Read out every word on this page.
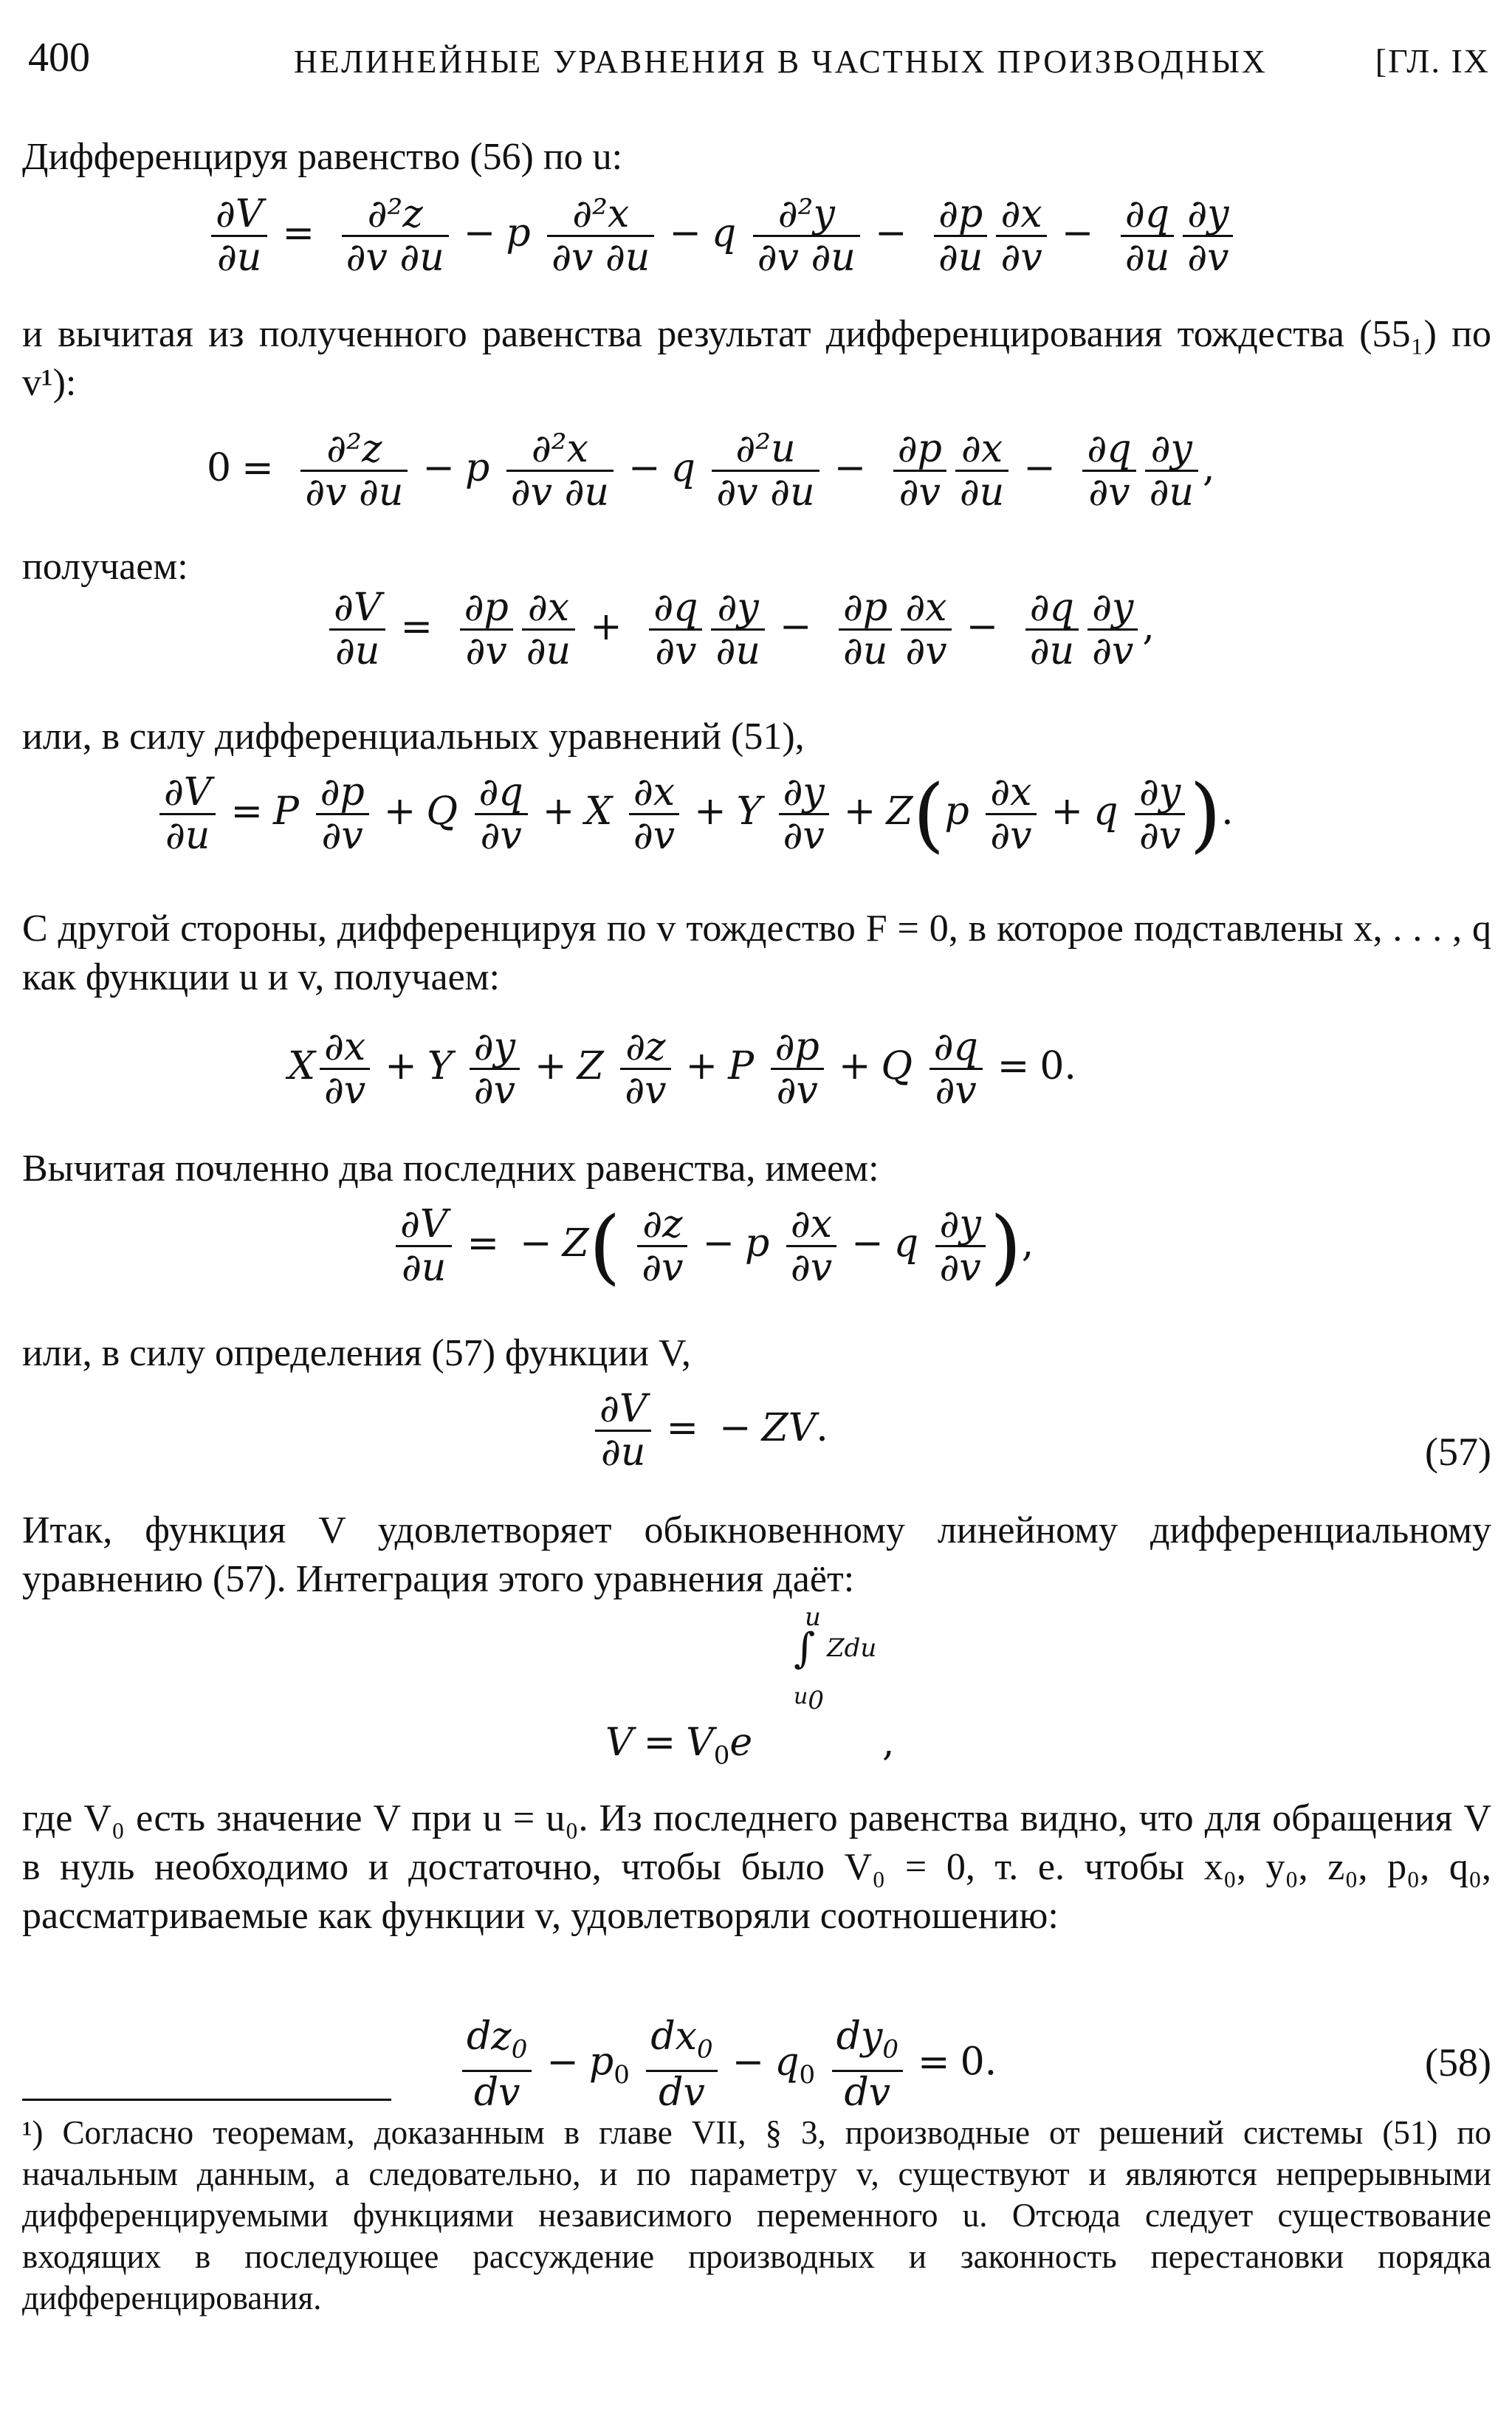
400	НЕЛИНЕЙНЫЕ УРАВНЕНИЯ В ЧАСТНЫХ ПРОИЗВОДНЫХ	[ГЛ. IX
Дифференцируя равенство (56) по u:
$\frac{\partial V}{\partial u} = \frac{\text{∂²z}}{\partial v \partial u} - p \frac{\text{∂²x}}{\partial v \partial u} - q \frac{\text{∂²y}}{\partial v \partial u} - \frac{\partial p}{\partial u} \frac{\partial x}{\partial v} - \frac{\partial q}{\partial u} \frac{\partial y}{\partial v}$
и вычитая из полученного равенства результат дифференцирования тождества (55₁) по v¹):
$0 = \frac{\text{∂²z}}{\partial v \partial u} - p \frac{\text{∂²x}}{\partial v \partial u} - q \frac{\text{∂²u}}{\partial v \partial u} - \frac{\partial p}{\partial v} \frac{\partial x}{\partial u} - \frac{\partial q}{\partial v} \frac{\partial y}{\partial u}$ ,
получаем:
$\frac{\partial V}{\partial u} = \frac{\partial p}{\partial v} \frac{\partial x}{\partial u} + \frac{\partial q}{\partial v} \frac{\partial y}{\partial u} - \frac{\partial p}{\partial u} \frac{\partial x}{\partial v} - \frac{\partial q}{\partial u} \frac{\partial y}{\partial v}$ ,
или, в силу дифференциальных уравнений (51),
$\frac{\partial V}{\partial u} = P \frac{\partial p}{\partial v} + Q \frac{\partial q}{\partial v} + X \frac{\partial x}{\partial v} + Y \frac{\partial y}{\partial v} + Z(p \frac{\partial x}{\partial v} + q \frac{\partial y}{\partial v}$ ).
С другой стороны, дифференцируя по v тождество F = 0, в которое подставлены x, . . . , q как функции u и v, получаем:
X $\frac{\partial x}{\partial v} + Y \frac{\partial y}{\partial v} + Z \frac{\partial z}{\partial v} + P \frac{\partial p}{\partial v} + Q \frac{\partial q}{\partial v} = 0$.
Вычитая почленно два последних равенства, имеем:
$\frac{\partial V}{\partial u}$ = − $Z( \frac{\partial z}{\partial v} - p \frac{\partial x}{\partial v} - q \frac{\partial y}{\partial v}$ ),
или, в силу определения (57) функции V,
$\frac{\partial V}{\partial u}$ = − ZV.
(57)
Итак, функция V удовлетворяет обыкновенному линейному дифференциальному уравнению (57). Интеграция этого уравнения даёт:
u
∫ Zdu
$u_0$
$V = V_0e$	,
где V₀ есть значение V при u = u₀. Из последнего равенства видно, что для обращения V в нуль необходимо и достаточно, чтобы было V₀ = 0, т. е. чтобы x₀, y₀, z₀, p₀, q₀, рассматриваемые как функции v, удовлетворяли соотношению:
$\frac{dz_0}{dv} - p_0 \frac{dx_0}{dv} - q_0 \frac{dy_0}{dv} = 0$.	(58)
¹) Согласно теоремам, доказанным в главе VII, § 3, производные от решений системы (51) по начальным данным, а следовательно, и по параметру v, существуют и являются непрерывными дифференцируемыми функциями независимого переменного u. Отсюда следует существование входящих в последующее рассуждение производных и законность перестановки порядка дифференцирования.
